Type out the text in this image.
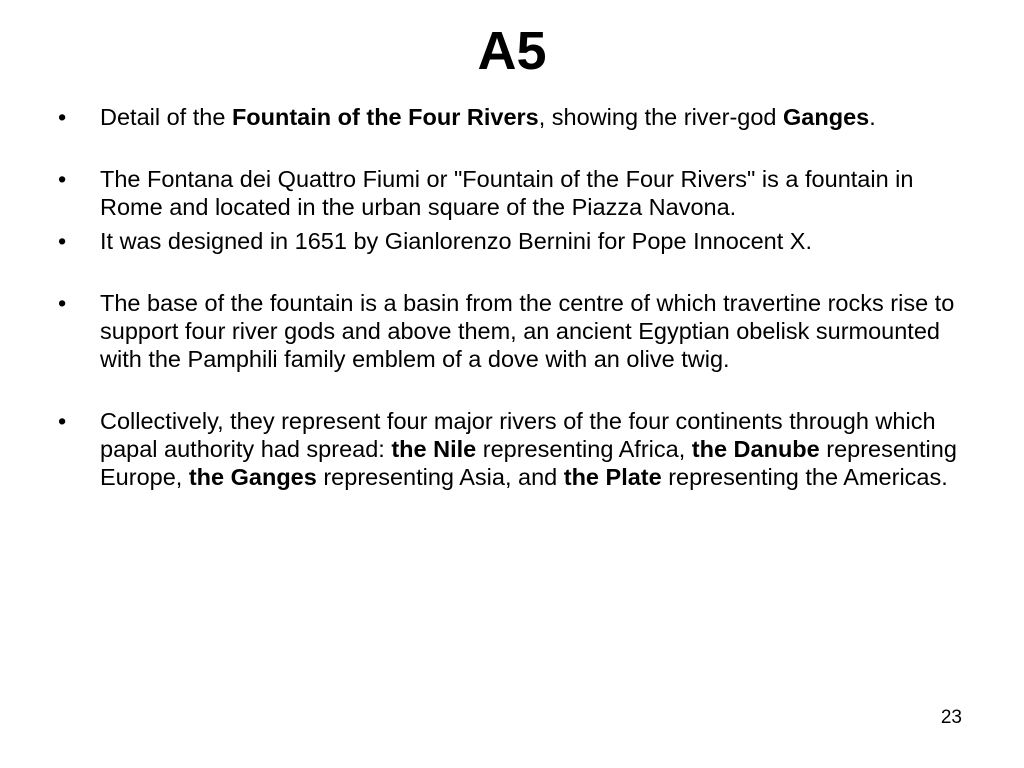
A5
•	Detail of the Fountain of the Four Rivers, showing the river-god Ganges.
•	The Fontana dei Quattro Fiumi or "Fountain of the Four Rivers" is a fountain in Rome and located in the urban square of the Piazza Navona.
•	It was designed in 1651 by Gianlorenzo Bernini for Pope Innocent X.
•	The base of the fountain is a basin from the centre of which travertine rocks rise to support four river gods and above them, an ancient Egyptian obelisk surmounted with the Pamphili family emblem of a dove with an olive twig.
•	Collectively, they represent four major rivers of the four continents through which papal authority had spread: the Nile representing Africa, the Danube representing Europe, the Ganges representing Asia, and the Plate representing the Americas.
23
